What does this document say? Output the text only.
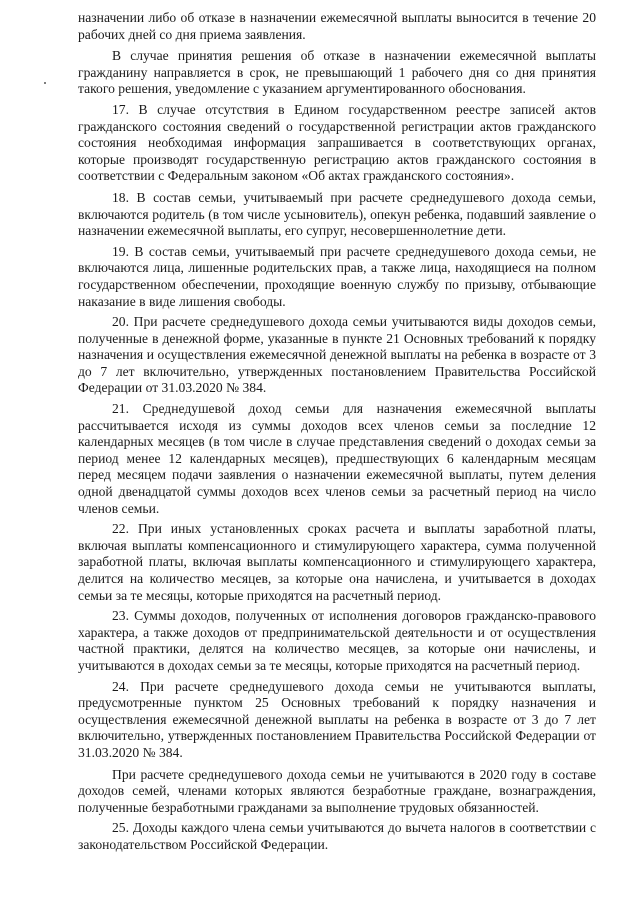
назначении либо об отказе в назначении ежемесячной выплаты выносится в течение 20 рабочих дней со дня приема заявления.

В случае принятия решения об отказе в назначении ежемесячной выплаты гражданину направляется в срок, не превышающий 1 рабочего дня со дня принятия такого решения, уведомление с указанием аргументированного обоснования.

17. В случае отсутствия в Едином государственном реестре записей актов гражданского состояния сведений о государственной регистрации актов гражданского состояния необходимая информация запрашивается в соответствующих органах, которые производят государственную регистрацию актов гражданского состояния в соответствии с Федеральным законом «Об актах гражданского состояния».

18. В состав семьи, учитываемый при расчете среднедушевого дохода семьи, включаются родитель (в том числе усыновитель), опекун ребенка, подавший заявление о назначении ежемесячной выплаты, его супруг, несовершеннолетние дети.

19. В состав семьи, учитываемый при расчете среднедушевого дохода семьи, не включаются лица, лишенные родительских прав, а также лица, находящиеся на полном государственном обеспечении, проходящие военную службу по призыву, отбывающие наказание в виде лишения свободы.

20. При расчете среднедушевого дохода семьи учитываются виды доходов семьи, полученные в денежной форме, указанные в пункте 21 Основных требований к порядку назначения и осуществления ежемесячной денежной выплаты на ребенка в возрасте от 3 до 7 лет включительно, утвержденных постановлением Правительства Российской Федерации от 31.03.2020 № 384.

21. Среднедушевой доход семьи для назначения ежемесячной выплаты рассчитывается исходя из суммы доходов всех членов семьи за последние 12 календарных месяцев (в том числе в случае представления сведений о доходах семьи за период менее 12 календарных месяцев), предшествующих 6 календарным месяцам перед месяцем подачи заявления о назначении ежемесячной выплаты, путем деления одной двенадцатой суммы доходов всех членов семьи за расчетный период на число членов семьи.

22. При иных установленных сроках расчета и выплаты заработной платы, включая выплаты компенсационного и стимулирующего характера, сумма полученной заработной платы, включая выплаты компенсационного и стимулирующего характера, делится на количество месяцев, за которые она начислена, и учитывается в доходах семьи за те месяцы, которые приходятся на расчетный период.

23. Суммы доходов, полученных от исполнения договоров гражданско-правового характера, а также доходов от предпринимательской деятельности и от осуществления частной практики, делятся на количество месяцев, за которые они начислены, и учитываются в доходах семьи за те месяцы, которые приходятся на расчетный период.

24. При расчете среднедушевого дохода семьи не учитываются выплаты, предусмотренные пунктом 25 Основных требований к порядку назначения и осуществления ежемесячной денежной выплаты на ребенка в возрасте от 3 до 7 лет включительно, утвержденных постановлением Правительства Российской Федерации от 31.03.2020 № 384.

При расчете среднедушевого дохода семьи не учитываются в 2020 году в составе доходов семей, членами которых являются безработные граждане, вознаграждения, полученные безработными гражданами за выполнение трудовых обязанностей.

25. Доходы каждого члена семьи учитываются до вычета налогов в соответствии с законодательством Российской Федерации.
